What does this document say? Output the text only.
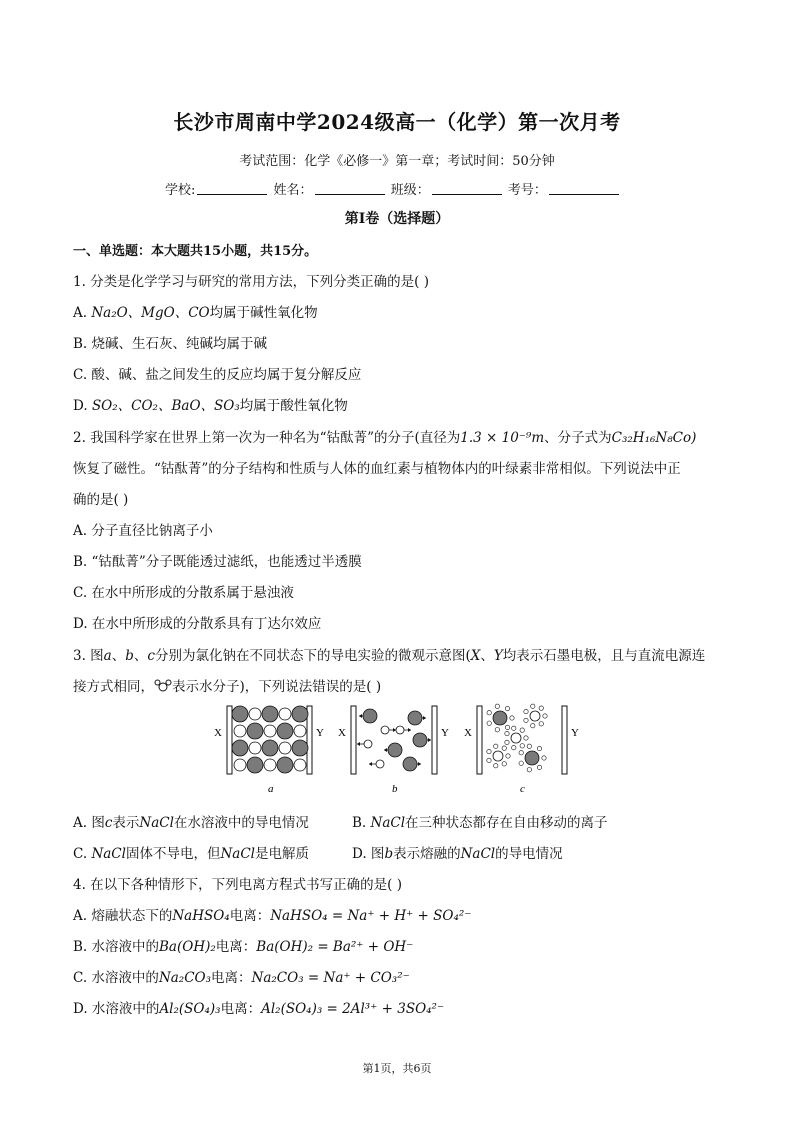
长沙市周南中学2024级高一（化学）第一次月考
考试范围：化学《必修一》第一章；考试时间：50分钟
学校:	姓名：	班级：	考号：
第I卷（选择题）
一、单选题：本大题共15小题，共15分。
1. 分类是化学学习与研究的常用方法，下列分类正确的是( )
A. Na₂O、MgO、CO均属于碱性氧化物
B. 烧碱、生石灰、纯碱均属于碱
C. 酸、碱、盐之间发生的反应均属于复分解反应
D. SO₂、CO₂、BaO、SO₃均属于酸性氧化物
2. 我国科学家在世界上第一次为一种名为“钴酞菁”的分子(直径为1.3 × 10⁻⁹m、分子式为C₃₂H₁₆N₈Co)
恢复了磁性。“钴酞菁”的分子结构和性质与人体的血红素与植物体内的叶绿素非常相似。下列说法中正
确的是( )
A. 分子直径比钠离子小
B. “钴酞菁”分子既能透过滤纸，也能透过半透膜
C. 在水中所形成的分散系属于悬浊液
D. 在水中所形成的分散系具有丁达尔效应
3. 图a、b、c分别为氯化钠在不同状态下的导电实验的微观示意图(X、Y均表示石墨电极，且与直流电源连
接方式相同， 表示水分子)，下列说法错误的是( )
X	Y
a
X	Y
b
X	Y
c
A. 图c表示NaCl在水溶液中的导电情况	B. NaCl在三种状态都存在自由移动的离子
C. NaCl固体不导电，但NaCl是电解质	D. 图b表示熔融的NaCl的导电情况
4. 在以下各种情形下，下列电离方程式书写正确的是( )
A. 熔融状态下的NaHSO₄电离：NaHSO₄ = Na⁺ + H⁺ + SO₄²⁻
B. 水溶液中的Ba(OH)₂电离：Ba(OH)₂ = Ba²⁺ + OH⁻
C. 水溶液中的Na₂CO₃电离：Na₂CO₃ = Na⁺ + CO₃²⁻
D. 水溶液中的Al₂(SO₄)₃电离：Al₂(SO₄)₃ = 2Al³⁺ + 3SO₄²⁻
第1页，共6页
